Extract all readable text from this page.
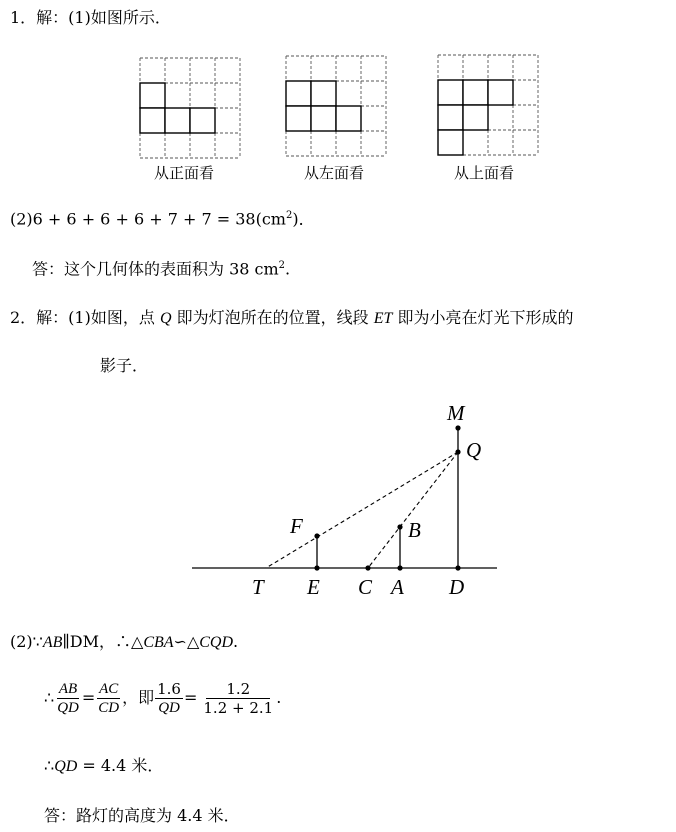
1．解：(1)如图所示．
从正面看	从左面看	从上面看
$(2)6 + 6 + 6 + 6 + 7 + 7 = 38(cm^2)$．
答：这个几何体的表面积为 38 $cm^2$.
2．解：(1)如图，点 Q 即为灯泡所在的位置，线段 ET 即为小亮在灯光下形成的
影子．
M
Q
F	B
T E C A D
(2)∵AB∥DM，∴△CBA∽△CQD.
∴ $\frac{AB}{QD} = \frac{AC}{CD}$ ，即 $\frac{1.6}{QD} = \frac{1.2}{1.2 + 2.1}$ .
∴QD = 4.4 米．
答：路灯的高度为 4.4 米．
